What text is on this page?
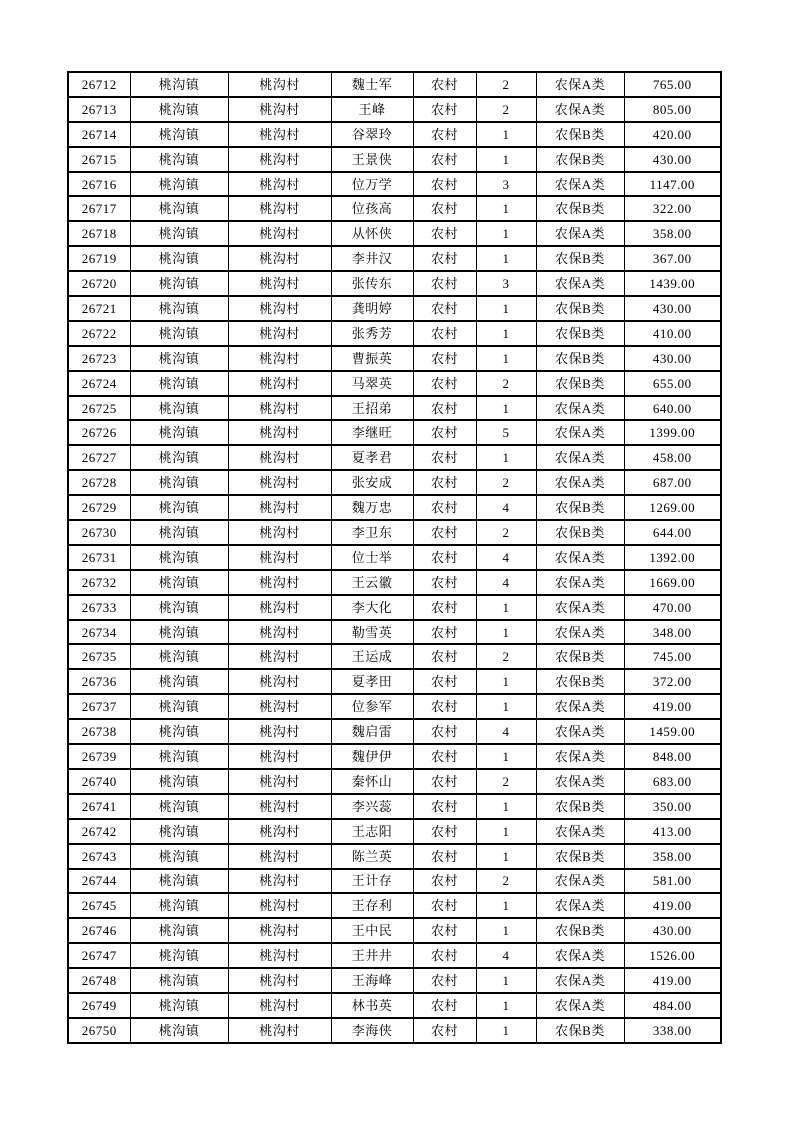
26712	桃沟镇	桃沟村	魏士军	农村	2	农保A类	765.00
26713	桃沟镇	桃沟村	王峰	农村	2	农保A类	805.00
26714	桃沟镇	桃沟村	谷翠玲	农村	1	农保B类	420.00
26715	桃沟镇	桃沟村	王景侠	农村	1	农保B类	430.00
26716	桃沟镇	桃沟村	位万学	农村	3	农保A类	1147.00
26717	桃沟镇	桃沟村	位孩高	农村	1	农保B类	322.00
26718	桃沟镇	桃沟村	从怀侠	农村	1	农保A类	358.00
26719	桃沟镇	桃沟村	李井汉	农村	1	农保B类	367.00
26720	桃沟镇	桃沟村	张传东	农村	3	农保A类	1439.00
26721	桃沟镇	桃沟村	龚明婷	农村	1	农保B类	430.00
26722	桃沟镇	桃沟村	张秀芳	农村	1	农保B类	410.00
26723	桃沟镇	桃沟村	曹振英	农村	1	农保B类	430.00
26724	桃沟镇	桃沟村	马翠英	农村	2	农保B类	655.00
26725	桃沟镇	桃沟村	王招弟	农村	1	农保A类	640.00
26726	桃沟镇	桃沟村	李继旺	农村	5	农保A类	1399.00
26727	桃沟镇	桃沟村	夏孝君	农村	1	农保A类	458.00
26728	桃沟镇	桃沟村	张安成	农村	2	农保A类	687.00
26729	桃沟镇	桃沟村	魏万忠	农村	4	农保B类	1269.00
26730	桃沟镇	桃沟村	李卫东	农村	2	农保B类	644.00
26731	桃沟镇	桃沟村	位士举	农村	4	农保A类	1392.00
26732	桃沟镇	桃沟村	王云徽	农村	4	农保A类	1669.00
26733	桃沟镇	桃沟村	李大化	农村	1	农保A类	470.00
26734	桃沟镇	桃沟村	勒雪英	农村	1	农保A类	348.00
26735	桃沟镇	桃沟村	王运成	农村	2	农保B类	745.00
26736	桃沟镇	桃沟村	夏孝田	农村	1	农保B类	372.00
26737	桃沟镇	桃沟村	位参军	农村	1	农保A类	419.00
26738	桃沟镇	桃沟村	魏启雷	农村	4	农保A类	1459.00
26739	桃沟镇	桃沟村	魏伊伊	农村	1	农保A类	848.00
26740	桃沟镇	桃沟村	秦怀山	农村	2	农保A类	683.00
26741	桃沟镇	桃沟村	李兴蕊	农村	1	农保B类	350.00
26742	桃沟镇	桃沟村	王志阳	农村	1	农保A类	413.00
26743	桃沟镇	桃沟村	陈兰英	农村	1	农保B类	358.00
26744	桃沟镇	桃沟村	王计存	农村	2	农保A类	581.00
26745	桃沟镇	桃沟村	王存利	农村	1	农保A类	419.00
26746	桃沟镇	桃沟村	王中民	农村	1	农保B类	430.00
26747	桃沟镇	桃沟村	王井井	农村	4	农保A类	1526.00
26748	桃沟镇	桃沟村	王海峰	农村	1	农保A类	419.00
26749	桃沟镇	桃沟村	林书英	农村	1	农保A类	484.00
26750	桃沟镇	桃沟村	李海侠	农村	1	农保B类	338.00
